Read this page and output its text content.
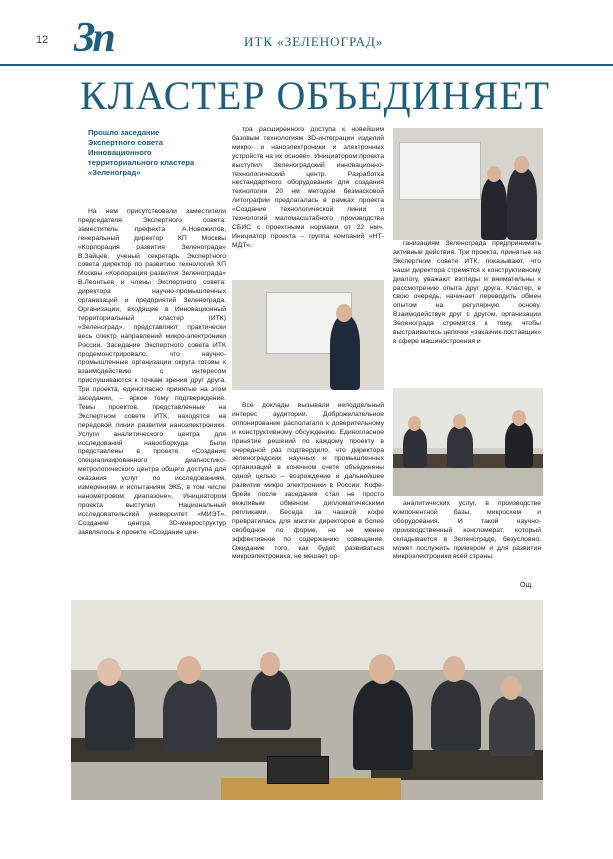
12 Зп	ИТК «ЗЕЛЕНОГРАД»
КЛАСТЕР ОБЪЕДИНЯЕТ
Прошло заседание Экспертного совета Инновационного территориального кластера «Зеленоград»

На нем присутствовали заместители председателя Экспертного совета: заместитель префекта А.Новожилов, генеральный директор КП Москвы «Корпорация развития Зеленограда» В.Зайцев, ученый секретарь Экспертного совета директор по развитию технологий КП Москвы «Корпорация развития Зеленограда» В.Леонтьев и члены Экспертного совета: директора научно-промышленных организаций и предприятий Зеленограда. Организации, входящие в Инновационный территориальный кластер (ИТК) «Зеленоград», представляют практически весь спектр направлений микро-электроники России. Заседание Экспертного совета ИТК продемонстрировало, что научно-промышленные организации округа готовы к взаимодействию с интересом прислушиваются к точкам зрения друг друга. Три проекта, единогласно принятые на этом заседании, – яркое тому подтверждение. Темы проектов, представленные на Экспертном совете ИТК, находятся на передовой линии развития наноэлектроники. Услуги аналитического центра для исследований наносборкуда были представлены в проекте «Создание специализированного диагностико-метрологического центра общего доступа для оказания услуг по исследованиям, измерениям и испытаниям ЭКБ, в том числе нанометровом диапазоне». Инициатором проекта выступил Национальный исследовательский университет «МИЭТ». Создание центра 3D-микроструктур заявлялось в проекте «Создание цен-

тра расширенного доступа к новейшим базовым технологиям 3D-интеграции изделий микро- и наноэлектроники и электронных устройств на их основе». Инициатором проекта выступил Зеленоградский инновационно-технологический центр. Разработка нестандартного оборудования для создания технологии 20 нм методом безмасковой литографии предлагалась в рамках проекта «Создание технологической линии и технологий маломасштабного производства СБИС с проектными нормами от 22 нм». Инициатор проекта – группа компаний «НТ-МДТ».

Все доклады вызывали неподдельный интерес аудитории. Доброжелательное оппонирование располагало к доверительному и конструктивному обсуждению. Единогласное принятие решений по каждому проекту в очередной раз подтвердило, что директора зеленоградских научных и промышленных организаций в конечном счете объединены одной целью – возрождение и дальнейшее развитие микро электроники в России. Кофе-брейк после заседания стал не просто вежливым обменом дипломатическими репликами. Беседа за чашкой кофе превратилась для многих директоров в более свободное по форме, но не менее эффективное по содержанию совещание. Ожидание того, как будет развиваться микроэлектроника, не мешает ор-

ганизациям Зеленограда предпринимать активные действия. Три проекта, принятые на Экспертном совете ИТК, показывают, что наши директора стремятся к конструктивному диалогу, уважают взгляды и внимательны к рассмотрению опыта друг друга. Кластер, в свою очередь, начинает переводить обмен опытом на регулярную основу. Взаимодействуя друг с другом, организации Зеленограда стремятся к тому, чтобы выстраивались цепочки «заказчик-поставщик» в сфере машиностроения и

аналитических услуг, в производстве компонентной базы, микросхем и оборудования. И такой научно-производственный конгломерат, который складывается в Зеленограде, безусловно, может послужить примером и для развития микроэлектроники всей страны.

Ощ.
